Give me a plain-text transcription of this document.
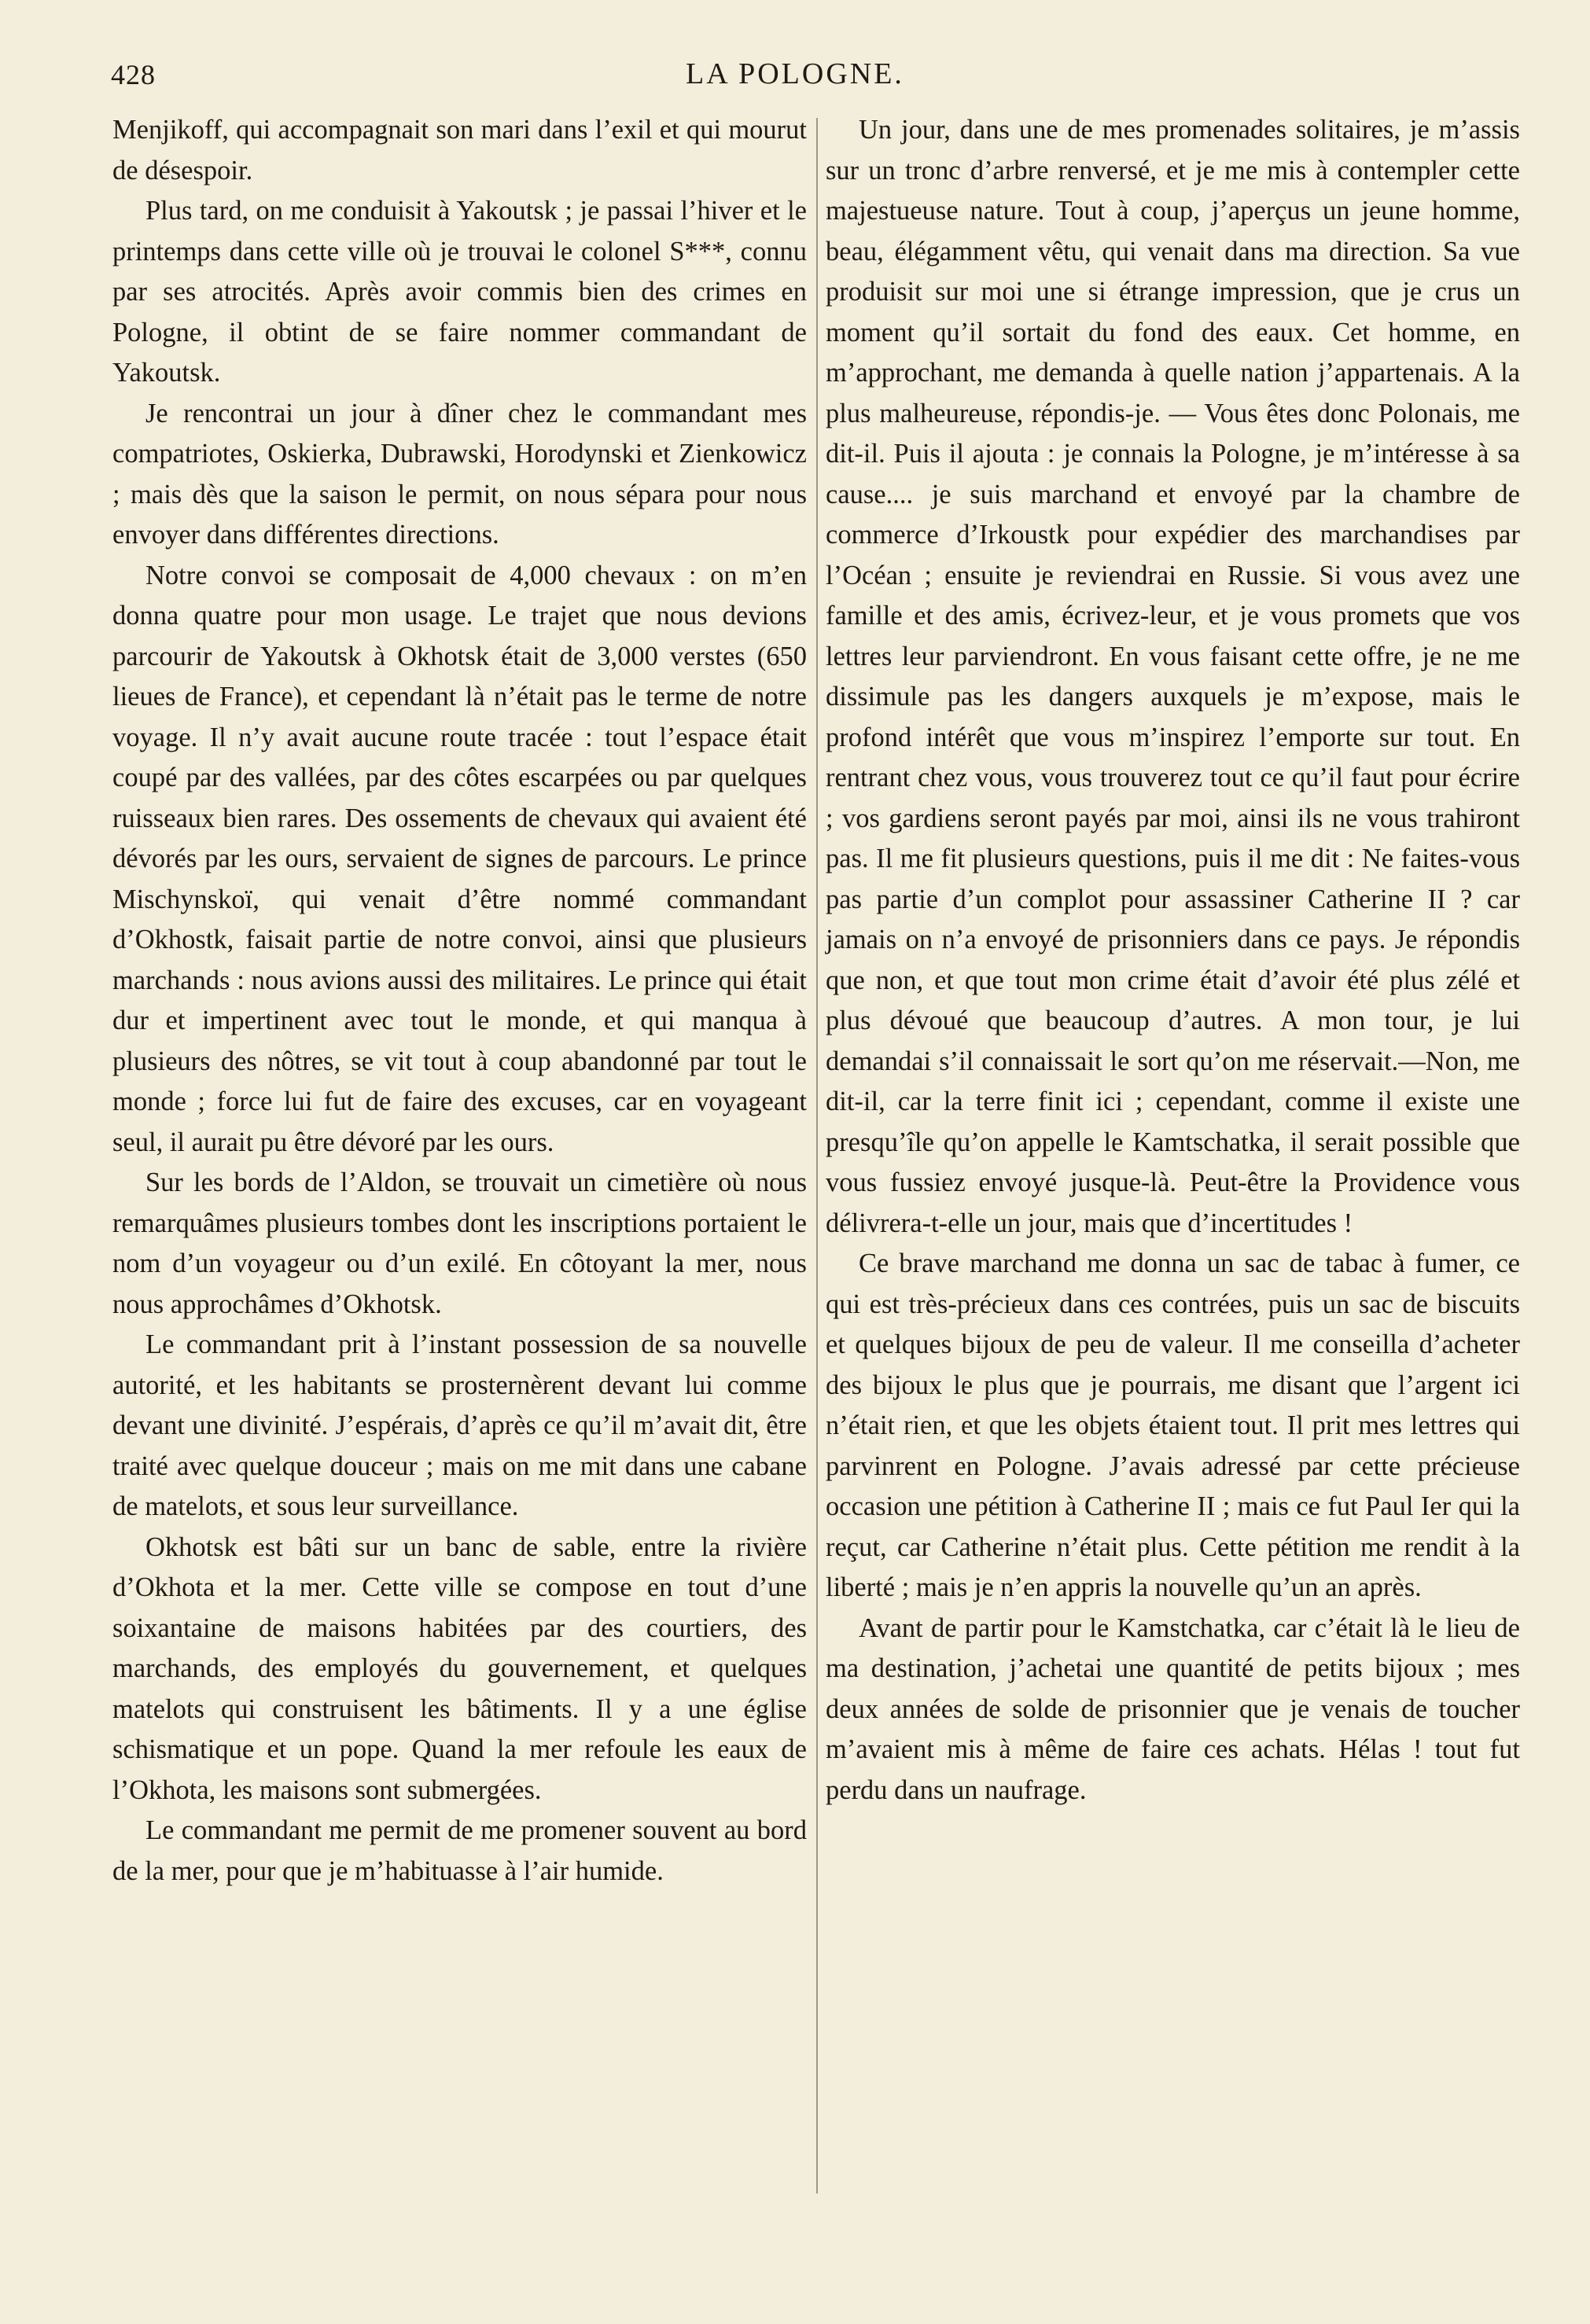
428	LA POLOGNE.

Menjikoff, qui accompagnait son mari dans l’exil et qui mourut de désespoir.

Plus tard, on me conduisit à Yakoutsk ; je passai l’hiver et le printemps dans cette ville où je trouvai le colonel S***, connu par ses atrocités. Après avoir commis bien des crimes en Pologne, il obtint de se faire nommer commandant de Yakoutsk.

Je rencontrai un jour à dîner chez le commandant mes compatriotes, Oskierka, Dubrawski, Horodynski et Zienkowicz ; mais dès que la saison le permit, on nous sépara pour nous envoyer dans différentes directions.

Notre convoi se composait de 4,000 chevaux : on m’en donna quatre pour mon usage. Le trajet que nous devions parcourir de Yakoutsk à Okhotsk était de 3,000 verstes (650 lieues de France), et cependant là n’était pas le terme de notre voyage. Il n’y avait aucune route tracée : tout l’espace était coupé par des vallées, par des côtes escarpées ou par quelques ruisseaux bien rares. Des ossements de chevaux qui avaient été dévorés par les ours, servaient de signes de parcours. Le prince Mischynskoï, qui venait d’être nommé commandant d’Okhostk, faisait partie de notre convoi, ainsi que plusieurs marchands : nous avions aussi des militaires. Le prince qui était dur et impertinent avec tout le monde, et qui manqua à plusieurs des nôtres, se vit tout à coup abandonné par tout le monde ; force lui fut de faire des excuses, car en voyageant seul, il aurait pu être dévoré par les ours.

Sur les bords de l’Aldon, se trouvait un cimetière où nous remarquâmes plusieurs tombes dont les inscriptions portaient le nom d’un voyageur ou d’un exilé. En côtoyant la mer, nous nous approchâmes d’Okhotsk.

Le commandant prit à l’instant possession de sa nouvelle autorité, et les habitants se prosternèrent devant lui comme devant une divinité. J’espérais, d’après ce qu’il m’avait dit, être traité avec quelque douceur ; mais on me mit dans une cabane de matelots, et sous leur surveillance.

Okhotsk est bâti sur un banc de sable, entre la rivière d’Okhota et la mer. Cette ville se compose en tout d’une soixantaine de maisons habitées par des courtiers, des marchands, des employés du gouvernement, et quelques matelots qui construisent les bâtiments. Il y a une église schismatique et un pope. Quand la mer refoule les eaux de l’Okhota, les maisons sont submergées.

Le commandant me permit de me promener souvent au bord de la mer, pour que je m’habituasse à l’air humide.

Un jour, dans une de mes promenades solitaires, je m’assis sur un tronc d’arbre renversé, et je me mis à contempler cette majestueuse nature. Tout à coup, j’aperçus un jeune homme, beau, élégamment vêtu, qui venait dans ma direction. Sa vue produisit sur moi une si étrange impression, que je crus un moment qu’il sortait du fond des eaux. Cet homme, en m’approchant, me demanda à quelle nation j’appartenais. A la plus malheureuse, répondis-je. — Vous êtes donc Polonais, me dit-il. Puis il ajouta : je connais la Pologne, je m’intéresse à sa cause.... je suis marchand et envoyé par la chambre de commerce d’Irkoustk pour expédier des marchandises par l’Océan ; ensuite je reviendrai en Russie. Si vous avez une famille et des amis, écrivez-leur, et je vous promets que vos lettres leur parviendront. En vous faisant cette offre, je ne me dissimule pas les dangers auxquels je m’expose, mais le profond intérêt que vous m’inspirez l’emporte sur tout. En rentrant chez vous, vous trouverez tout ce qu’il faut pour écrire ; vos gardiens seront payés par moi, ainsi ils ne vous trahiront pas. Il me fit plusieurs questions, puis il me dit : Ne faites-vous pas partie d’un complot pour assassiner Catherine II ? car jamais on n’a envoyé de prisonniers dans ce pays. Je répondis que non, et que tout mon crime était d’avoir été plus zélé et plus dévoué que beaucoup d’autres. A mon tour, je lui demandai s’il connaissait le sort qu’on me réservait.—Non, me dit-il, car la terre finit ici ; cependant, comme il existe une presqu’île qu’on appelle le Kamtschatka, il serait possible que vous fussiez envoyé jusque-là. Peut-être la Providence vous délivrera-t-elle un jour, mais que d’incertitudes !

Ce brave marchand me donna un sac de tabac à fumer, ce qui est très-précieux dans ces contrées, puis un sac de biscuits et quelques bijoux de peu de valeur. Il me conseilla d’acheter des bijoux le plus que je pourrais, me disant que l’argent ici n’était rien, et que les objets étaient tout. Il prit mes lettres qui parvinrent en Pologne. J’avais adressé par cette précieuse occasion une pétition à Catherine II ; mais ce fut Paul Ier qui la reçut, car Catherine n’était plus. Cette pétition me rendit à la liberté ; mais je n’en appris la nouvelle qu’un an après.

Avant de partir pour le Kamstchatka, car c’était là le lieu de ma destination, j’achetai une quantité de petits bijoux ; mes deux années de solde de prisonnier que je venais de toucher m’avaient mis à même de faire ces achats. Hélas ! tout fut perdu dans un naufrage.
